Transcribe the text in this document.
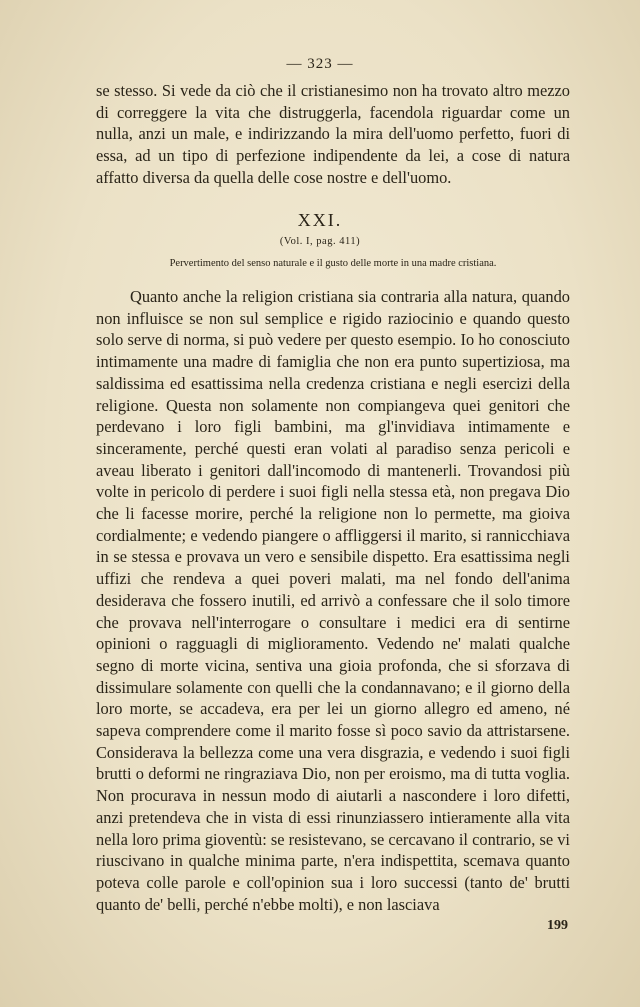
— 323 —

se stesso. Si vede da ciò che il cristianesimo non ha trovato altro mezzo di correggere la vita che distruggerla, facendola riguardar come un nulla, anzi un male, e indirizzando la mira dell'uomo perfetto, fuori di essa, ad un tipo di perfezione indipendente da lei, a cose di natura affatto diversa da quella delle cose nostre e dell'uomo.

XXI.
(Vol. I, pag. 411)
Pervertimento del senso naturale e il gusto delle morte in una madre cristiana.

Quanto anche la religion cristiana sia contraria alla natura, quando non influisce se non sul semplice e rigido raziocinio e quando questo solo serve di norma, si può vedere per questo esempio. Io ho conosciuto intimamente una madre di famiglia che non era punto supertiziosa, ma saldissima ed esattissima nella credenza cristiana e negli esercizi della religione. Questa non solamente non compiangeva quei genitori che perdevano i loro figli bambini, ma gl'invidiava intimamente e sinceramente, perché questi eran volati al paradiso senza pericoli e aveau liberato i genitori dall'incomodo di mantenerli. Trovandosi più volte in pericolo di perdere i suoi figli nella stessa età, non pregava Dio che li facesse morire, perché la religione non lo permette, ma gioiva cordialmente; e vedendo piangere o affliggersi il marito, si rannicchiava in se stessa e provava un vero e sensibile dispetto. Era esattissima negli uffizi che rendeva a quei poveri malati, ma nel fondo dell'anima desiderava che fossero inutili, ed arrivò a confessare che il solo timore che provava nell'interrogare o consultare i medici era di sentirne opinioni o ragguagli di miglioramento. Vedendo ne' malati qualche segno di morte vicina, sentiva una gioia profonda, che si sforzava di dissimulare solamente con quelli che la condannavano; e il giorno della loro morte, se accadeva, era per lei un giorno allegro ed ameno, né sapeva comprendere come il marito fosse sì poco savio da attristarsene. Considerava la bellezza come una vera disgrazia, e vedendo i suoi figli brutti o deformi ne ringraziava Dio, non per eroismo, ma di tutta voglia. Non procurava in nessun modo di aiutarli a nascondere i loro difetti, anzi pretendeva che in vista di essi rinunziassero intieramente alla vita nella loro prima gioventù: se resistevano, se cercavano il contrario, se vi riuscivano in qualche minima parte, n'era indispettita, scemava quanto poteva colle parole e coll'opinion sua i loro successi (tanto de' brutti quanto de' belli, perché n'ebbe molti), e non lasciava

199
